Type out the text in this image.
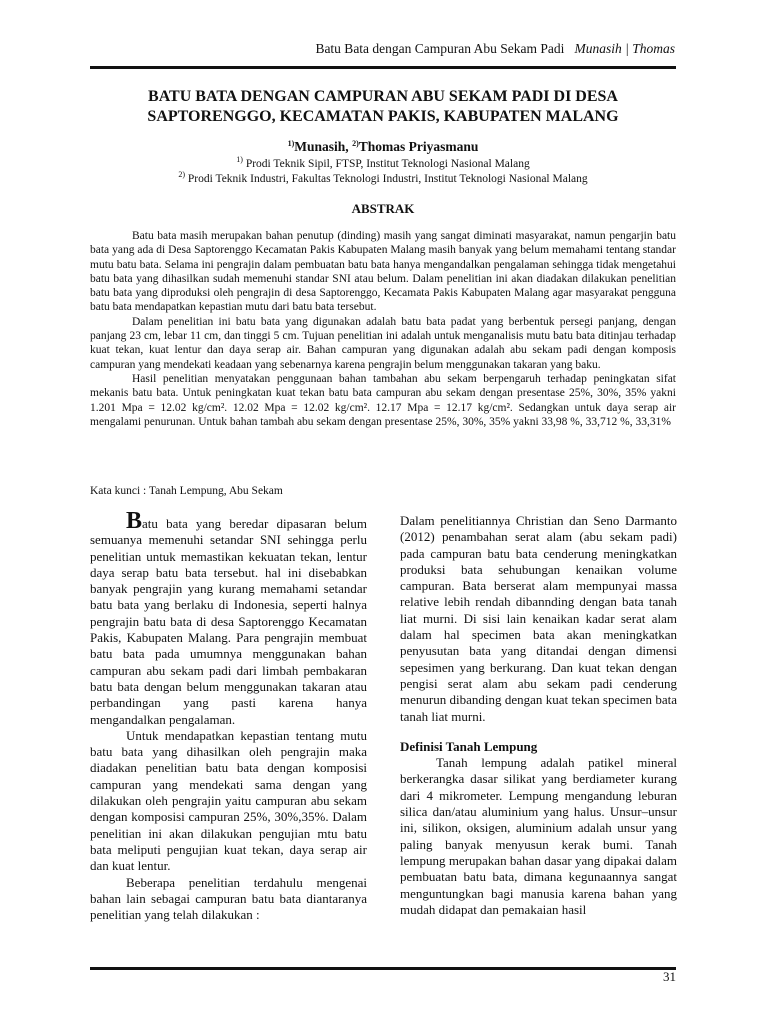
Batu Bata dengan Campuran Abu Sekam Padi Munasih | Thomas
BATU BATA DENGAN CAMPURAN ABU SEKAM PADI DI DESA
SAPTORENGGO, KECAMATAN PAKIS, KABUPATEN MALANG
$^{1)}$Munasih, $^{2)}$Thomas Priyasmanu
$^{1)}$ Prodi Teknik Sipil, FTSP, Institut Teknologi Nasional Malang
$^{2)}$ Prodi Teknik Industri, Fakultas Teknologi Industri, Institut Teknologi Nasional Malang
ABSTRAK

Batu bata masih merupakan bahan penutup (dinding) masih yang sangat diminati masyarakat, namun pengarjin batu bata yang ada di Desa Saptorenggo Kecamatan Pakis Kabupaten Malang masih banyak yang belum memahami tentang standar mutu batu bata. Selama ini pengrajin dalam pembuatan batu bata hanya mengandalkan pengalaman sehingga tidak mengetahui batu bata yang dihasilkan sudah memenuhi standar SNI atau belum. Dalam penelitian ini akan diadakan dilakukan penelitian batu bata yang diproduksi oleh pengrajin di desa Saptorenggo, Kecamata Pakis Kabupaten Malang agar masyarakat pengguna batu bata mendapatkan kepastian mutu dari batu bata tersebut.

Dalam penelitian ini batu bata yang digunakan adalah batu bata padat yang berbentuk persegi panjang, dengan panjang 23 cm, lebar 11 cm, dan tinggi 5 cm. Tujuan penelitian ini adalah untuk menganalisis mutu batu bata ditinjau terhadap kuat tekan, kuat lentur dan daya serap air. Bahan campuran yang digunakan adalah abu sekam padi dengan komposis campuran yang mendekati keadaan yang sebenarnya karena pengrajin belum menggunakan takaran yang baku.

Hasil penelitian menyatakan penggunaan bahan tambahan abu sekam berpengaruh terhadap peningkatan sifat mekanis batu bata. Untuk peningkatan kuat tekan batu bata campuran abu sekam dengan presentase 25%, 30%, 35% yakni 1.201 Mpa = 12.02 kg/cm². 12.02 Mpa = 12.02 kg/cm². 12.17 Mpa = 12.17 kg/cm². Sedangkan untuk daya serap air mengalami penurunan. Untuk bahan tambah abu sekam dengan presentase 25%, 30%, 35% yakni 33,98 %, 33,712 %, 33,31%

Kata kunci : Tanah Lempung, Abu Sekam

Batu bata yang beredar dipasaran belum semuanya memenuhi setandar SNI sehingga perlu penelitian untuk memastikan kekuatan tekan, lentur daya serap batu bata tersebut. hal ini disebabkan banyak pengrajin yang kurang memahami setandar batu bata yang berlaku di Indonesia, seperti halnya pengrajin batu bata di desa Saptorenggo Kecamatan Pakis, Kabupaten Malang. Para pengrajin membuat batu bata pada umumnya menggunakan bahan campuran abu sekam padi dari limbah pembakaran batu bata dengan belum menggunakan takaran atau perbandingan yang pasti karena hanya mengandalkan pengalaman.

Untuk mendapatkan kepastian tentang mutu batu bata yang dihasilkan oleh pengrajin maka diadakan penelitian batu bata dengan komposisi campuran yang mendekati sama dengan yang dilakukan oleh pengrajin yaitu campuran abu sekam dengan komposisi campuran 25%, 30%,35%. Dalam penelitian ini akan dilakukan pengujian mtu batu bata meliputi pengujian kuat tekan, daya serap air dan kuat lentur.

Beberapa penelitian terdahulu mengenai bahan lain sebagai campuran batu bata diantaranya penelitian yang telah dilakukan :

Dalam penelitiannya Christian dan Seno Darmanto (2012) penambahan serat alam (abu sekam padi) pada campuran batu bata cenderung meningkatkan produksi bata sehubungan kenaikan volume campuran. Bata berserat alam mempunyai massa relative lebih rendah dibannding dengan bata tanah liat murni. Di sisi lain kenaikan kadar serat alam dalam hal specimen bata akan meningkatkan penyusutan bata yang ditandai dengan dimensi sepesimen yang berkurang. Dan kuat tekan dengan pengisi serat alam abu sekam padi cenderung menurun dibanding dengan kuat tekan specimen bata tanah liat murni.

Definisi Tanah Lempung

Tanah lempung adalah patikel mineral berkerangka dasar silikat yang berdiameter kurang dari 4 mikrometer. Lempung mengandung leburan silica dan/atau aluminium yang halus. Unsur–unsur ini, silikon, oksigen, aluminium adalah unsur yang paling banyak menyusun kerak bumi. Tanah lempung merupakan bahan dasar yang dipakai dalam pembuatan batu bata, dimana kegunaannya sangat menguntungkan bagi manusia karena bahan yang mudah didapat dan pemakaian hasil

31
